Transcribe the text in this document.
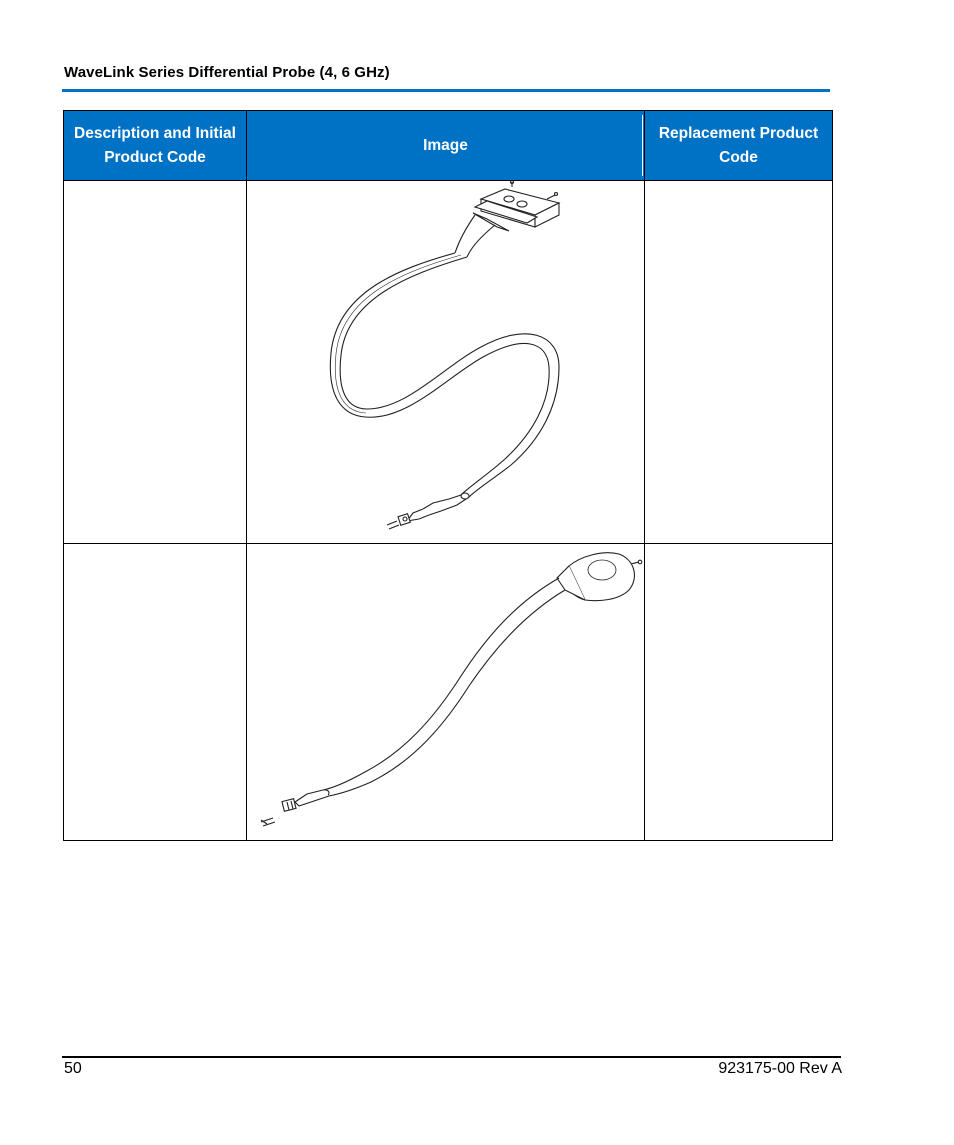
WaveLink Series Differential Probe (4, 6 GHz)
Description and Initial Product Code	Image	Replacement Product Code

50	923175-00 Rev A
